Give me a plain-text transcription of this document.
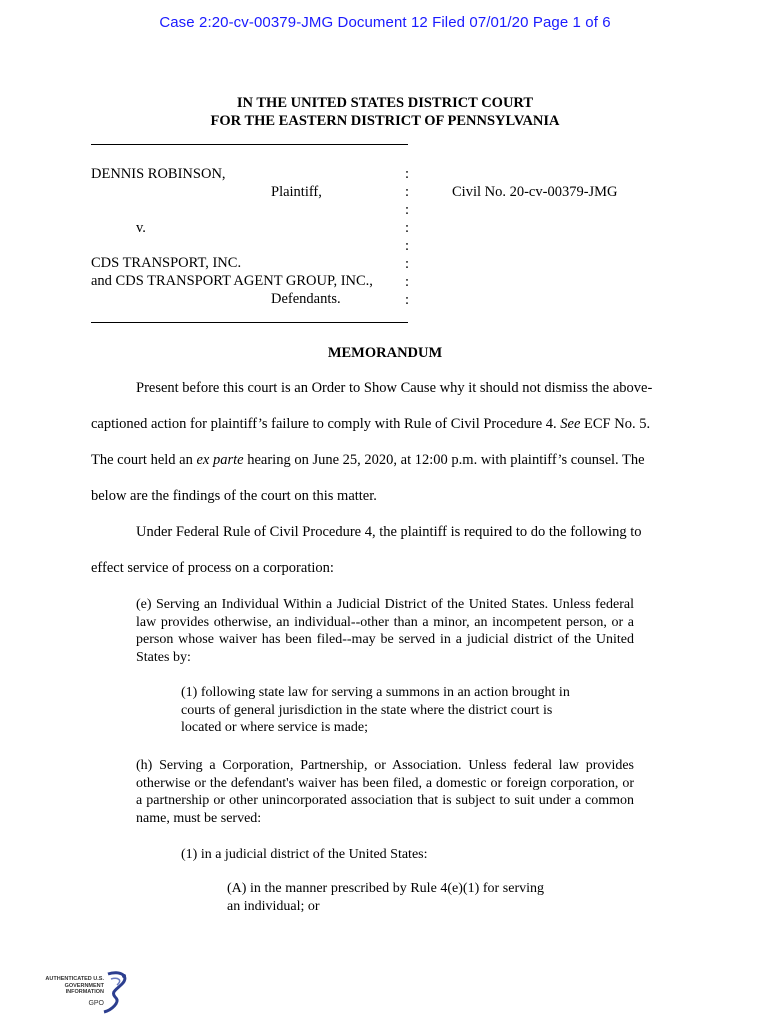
Case 2:20-cv-00379-JMG Document 12 Filed 07/01/20 Page 1 of 6
IN THE UNITED STATES DISTRICT COURT
FOR THE EASTERN DISTRICT OF PENNSYLVANIA
DENNIS ROBINSON,
Plaintiff,
v.
CDS TRANSPORT, INC.
and CDS TRANSPORT AGENT GROUP, INC.,
Defendants.
Civil No. 20-cv-00379-JMG
:
:
:
:
:
:
:
:
MEMORANDUM
Present before this court is an Order to Show Cause why it should not dismiss the above-
captioned action for plaintiff’s failure to comply with Rule of Civil Procedure 4. See ECF No. 5.
The court held an ex parte hearing on June 25, 2020, at 12:00 p.m. with plaintiff’s counsel. The
below are the findings of the court on this matter.
Under Federal Rule of Civil Procedure 4, the plaintiff is required to do the following to
effect service of process on a corporation:

(e) Serving an Individual Within a Judicial District of the United States. Unless federal law provides otherwise, an individual--other than a minor, an incompetent person, or a person whose waiver has been filed--may be served in a judicial district of the United States by:

(1) following state law for serving a summons in an action brought in courts of general jurisdiction in the state where the district court is located or where service is made;

(h) Serving a Corporation, Partnership, or Association. Unless federal law provides otherwise or the defendant's waiver has been filed, a domestic or foreign corporation, or a partnership or other unincorporated association that is subject to suit under a common name, must be served:

(1) in a judicial district of the United States:

(A) in the manner prescribed by Rule 4(e)(1) for serving an individual; or

AUTHENTICATED U.S. GOVERNMENT INFORMATION
GPO
